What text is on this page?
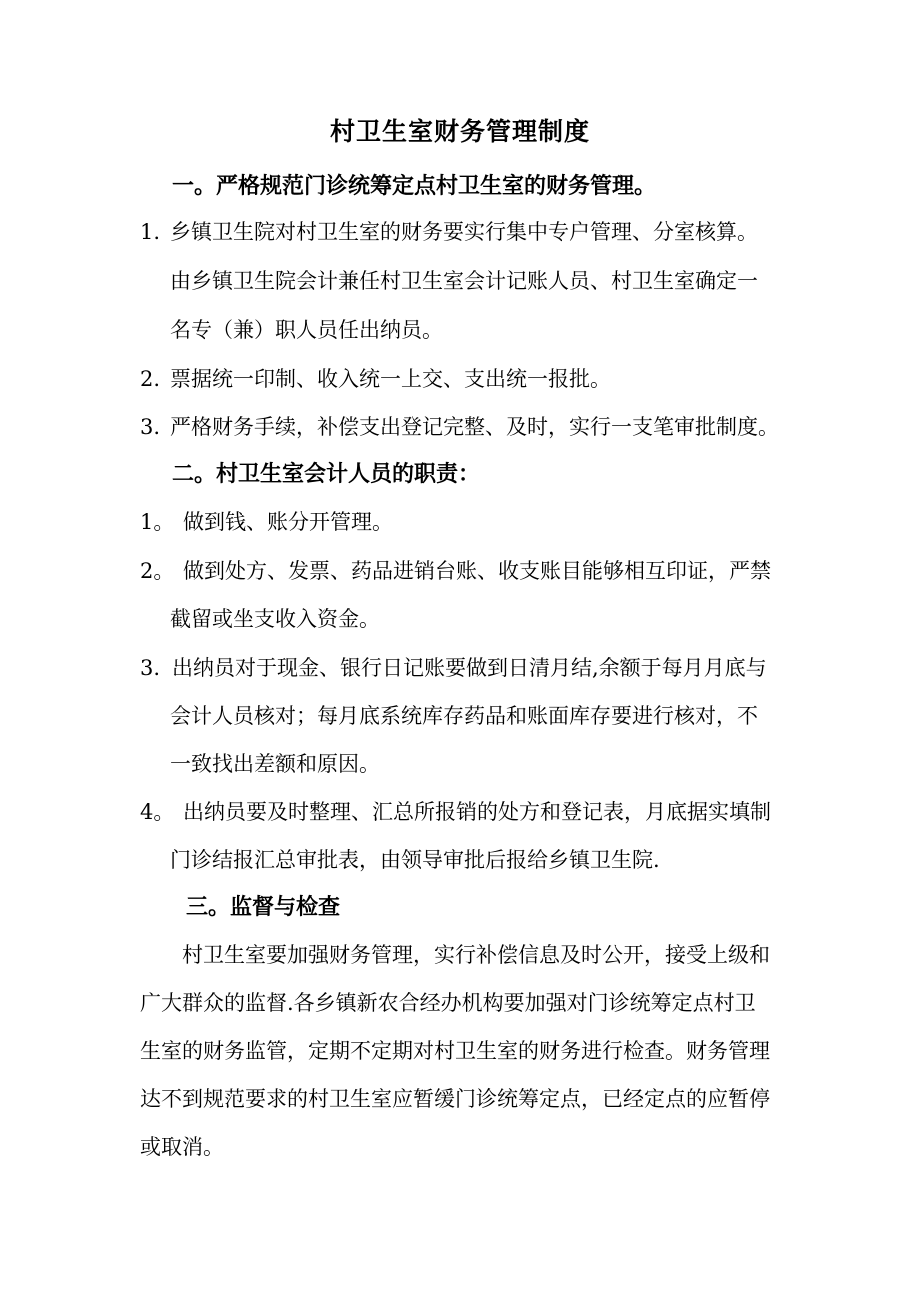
村卫生室财务管理制度
一。严格规范门诊统筹定点村卫生室的财务管理。
1. 乡镇卫生院对村卫生室的财务要实行集中专户管理、分室核算。
由乡镇卫生院会计兼任村卫生室会计记账人员、村卫生室确定一
名专（兼）职人员任出纳员。
2. 票据统一印制、收入统一上交、支出统一报批。
3. 严格财务手续，补偿支出登记完整、及时，实行一支笔审批制度。
二。村卫生室会计人员的职责：
1。 做到钱、账分开管理。
2。 做到处方、发票、药品进销台账、收支账目能够相互印证，严禁
截留或坐支收入资金。
3. 出纳员对于现金、银行日记账要做到日清月结,余额于每月月底与
会计人员核对；每月底系统库存药品和账面库存要进行核对，不
一致找出差额和原因。
4。 出纳员要及时整理、汇总所报销的处方和登记表，月底据实填制
门诊结报汇总审批表，由领导审批后报给乡镇卫生院.
三。监督与检查
村卫生室要加强财务管理，实行补偿信息及时公开，接受上级和
广大群众的监督.各乡镇新农合经办机构要加强对门诊统筹定点村卫
生室的财务监管，定期不定期对村卫生室的财务进行检查。财务管理
达不到规范要求的村卫生室应暂缓门诊统筹定点，已经定点的应暂停
或取消。
